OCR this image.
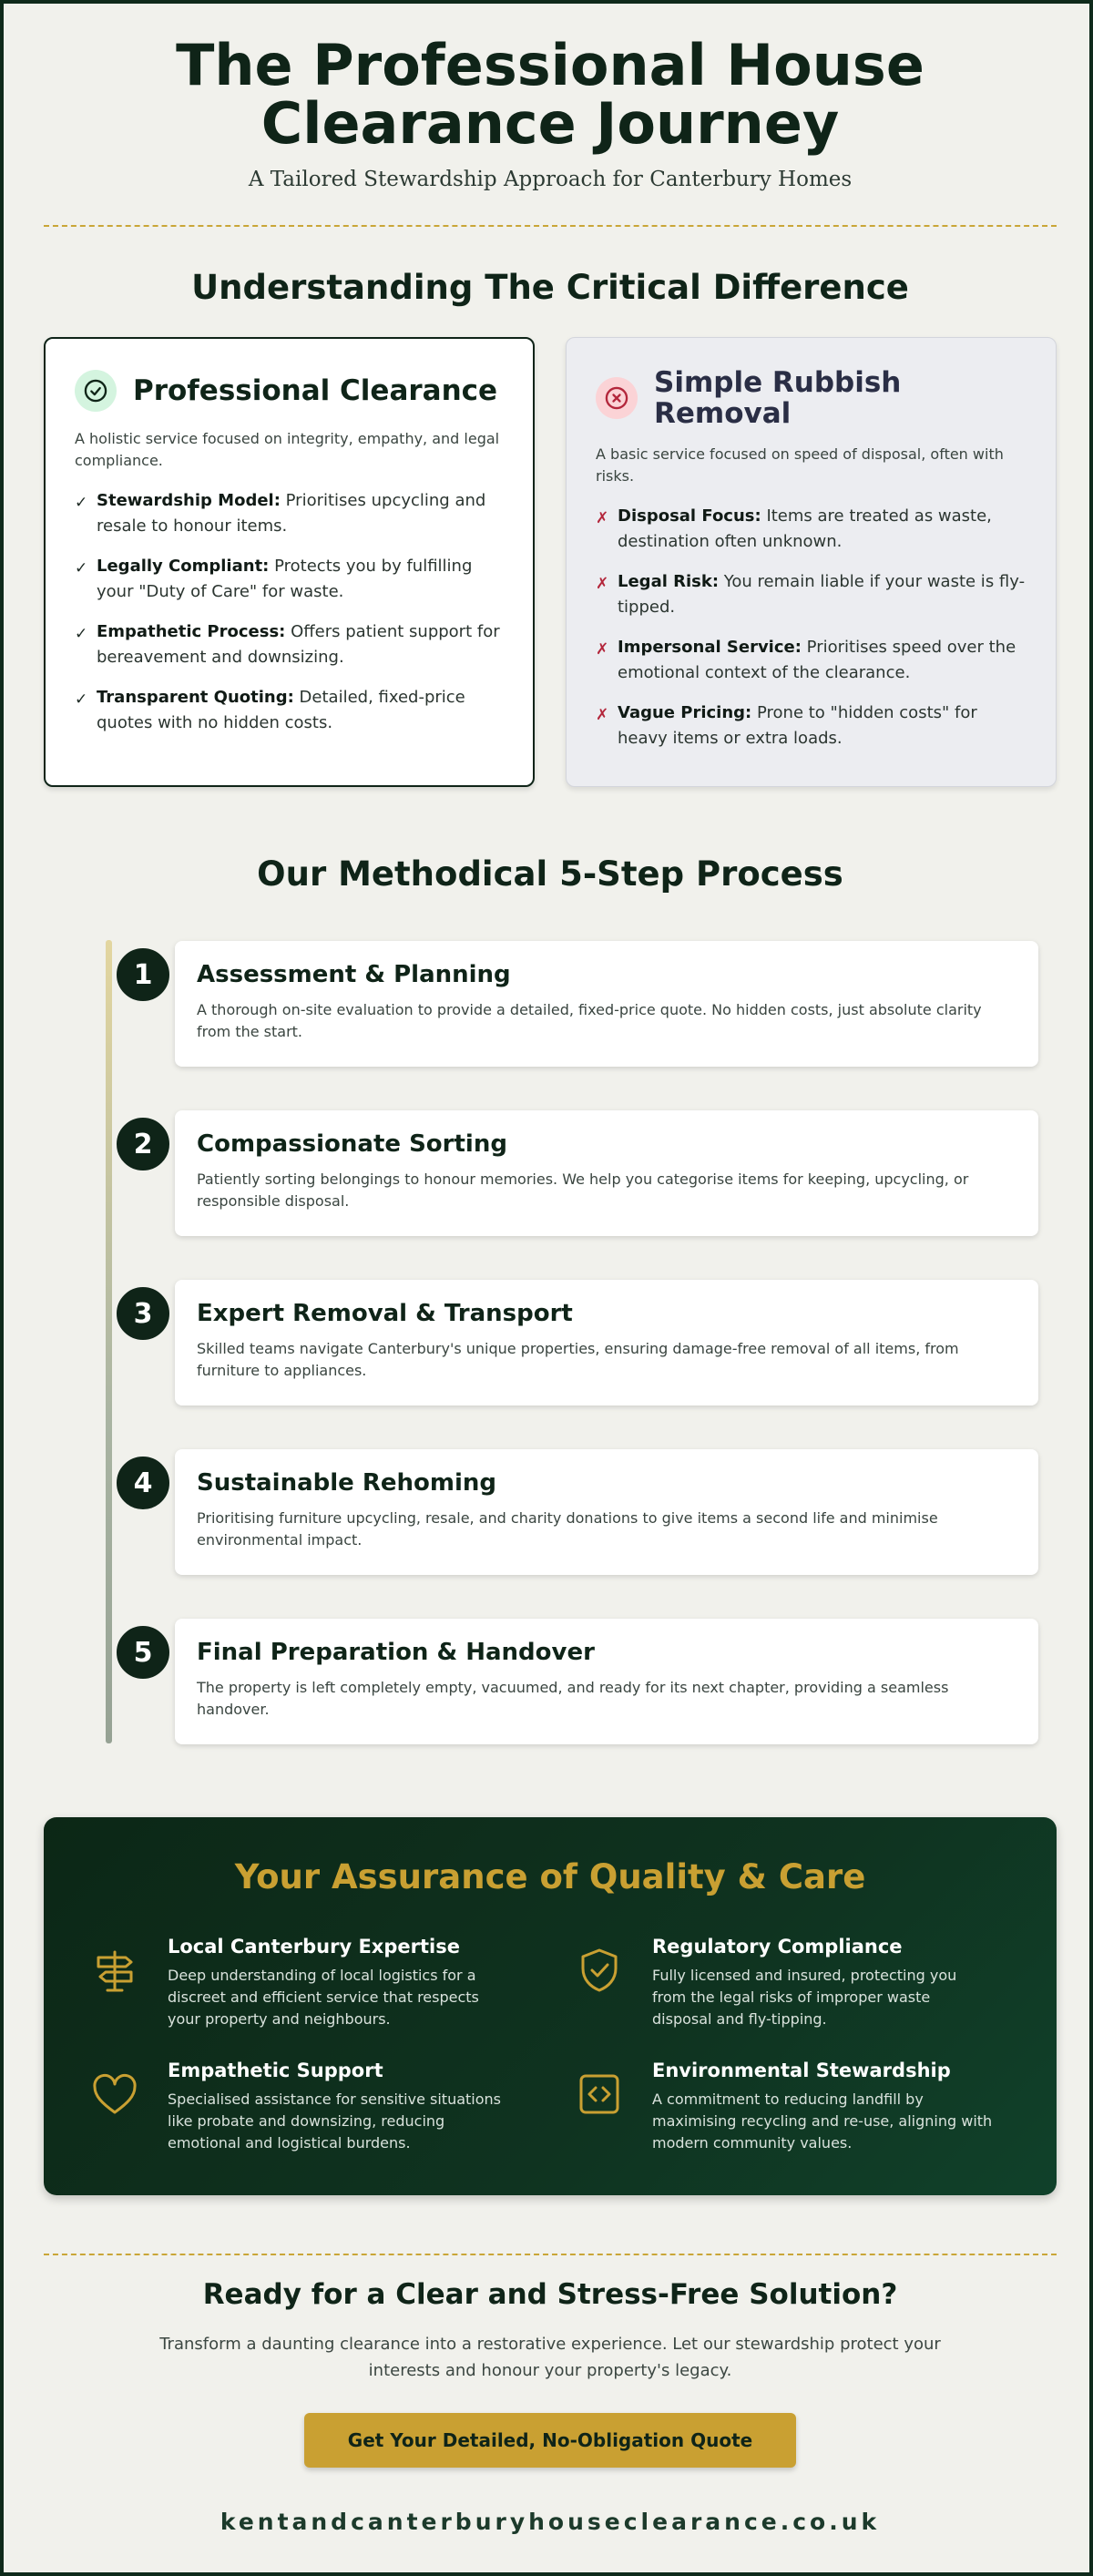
The Professional House Clearance Journey
A Tailored Stewardship Approach for Canterbury Homes
Understanding The Critical Difference
Professional Clearance

A holistic service focused on integrity, empathy, and legal compliance.

✓ Stewardship Model: Prioritises upcycling and resale to honour items.
✓ Legally Compliant: Protects you by fulfilling your "Duty of Care" for waste.
✓ Empathetic Process: Offers patient support for bereavement and downsizing.
✓ Transparent Quoting: Detailed, fixed-price quotes with no hidden costs.
Simple Rubbish Removal

A basic service focused on speed of disposal, often with risks.

✗ Disposal Focus: Items are treated as waste, destination often unknown.
✗ Legal Risk: You remain liable if your waste is fly-tipped.
✗ Impersonal Service: Prioritises speed over the emotional context of the clearance.
✗ Vague Pricing: Prone to "hidden costs" for heavy items or extra loads.
Our Methodical 5-Step Process
1	Assessment & Planning
A thorough on-site evaluation to provide a detailed, fixed-price quote. No hidden costs, just absolute clarity from the start.
2	Compassionate Sorting
Patiently sorting belongings to honour memories. We help you categorise items for keeping, upcycling, or responsible disposal.
3	Expert Removal & Transport
Skilled teams navigate Canterbury's unique properties, ensuring damage-free removal of all items, from furniture to appliances.
4	Sustainable Rehoming
Prioritising furniture upcycling, resale, and charity donations to give items a second life and minimise environmental impact.
5	Final Preparation & Handover
The property is left completely empty, vacuumed, and ready for its next chapter, providing a seamless handover.
Your Assurance of Quality & Care
Local Canterbury Expertise
Deep understanding of local logistics for a discreet and efficient service that respects your property and neighbours.
Regulatory Compliance
Fully licensed and insured, protecting you from the legal risks of improper waste disposal and fly-tipping.
Empathetic Support
Specialised assistance for sensitive situations like probate and downsizing, reducing emotional and logistical burdens.
Environmental Stewardship
A commitment to reducing landfill by maximising recycling and re-use, aligning with modern community values.
Ready for a Clear and Stress-Free Solution?

Transform a daunting clearance into a restorative experience. Let our stewardship protect your interests and honour your property's legacy.

Get Your Detailed, No-Obligation Quote
kentandcanterburyhouseclearance.co.uk
